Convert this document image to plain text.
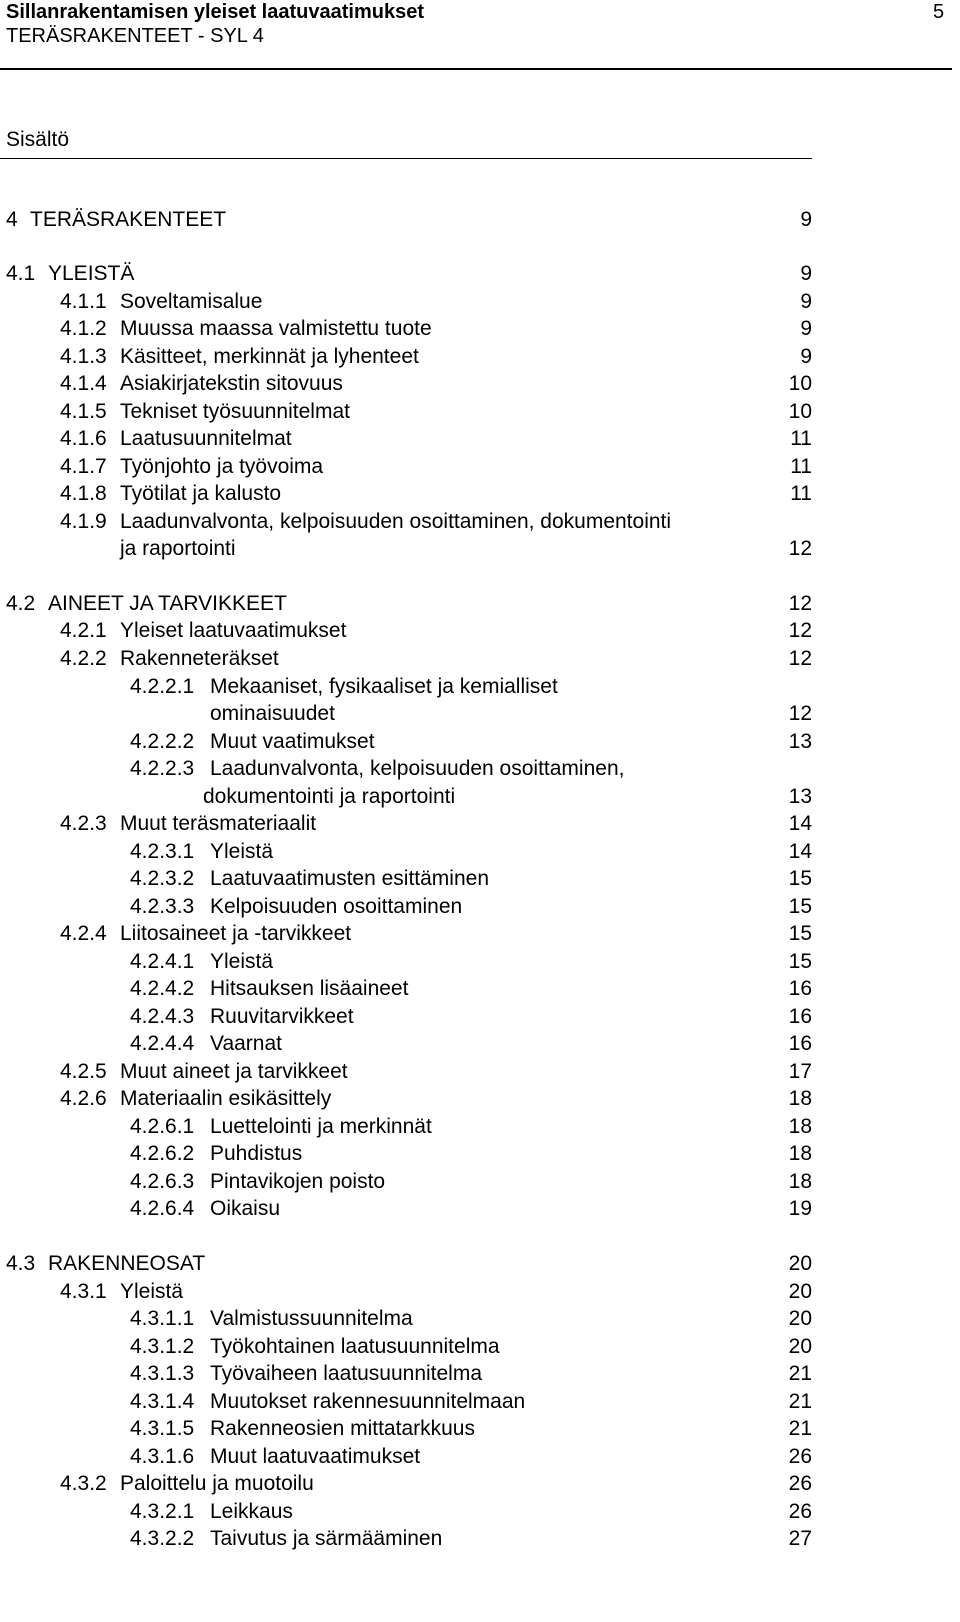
Sillanrakentamisen yleiset laatuvaatimukset
TERÄSRAKENTEET - SYL 4
5
Sisältö
4 TERÄSRAKENTEET	9
4.1 YLEISTÄ	9
4.1.1 Soveltamisalue	9
4.1.2 Muussa maassa valmistettu tuote	9
4.1.3 Käsitteet, merkinnät ja lyhenteet	9
4.1.4 Asiakirjatekstin sitovuus	10
4.1.5 Tekniset työsuunnitelmat	10
4.1.6 Laatusuunnitelmat	11
4.1.7 Työnjohto ja työvoima	11
4.1.8 Työtilat ja kalusto	11
4.1.9 Laadunvalvonta, kelpoisuuden osoittaminen, dokumentointi
ja raportointi	12
4.2 AINEET JA TARVIKKEET	12
4.2.1 Yleiset laatuvaatimukset	12
4.2.2 Rakenneteräkset	12
4.2.2.1 Mekaaniset, fysikaaliset ja kemialliset
ominaisuudet	12
4.2.2.2 Muut vaatimukset	13
4.2.2.3 Laadunvalvonta, kelpoisuuden osoittaminen,
dokumentointi ja raportointi	13
4.2.3 Muut teräsmateriaalit	14
4.2.3.1 Yleistä	14
4.2.3.2 Laatuvaatimusten esittäminen	15
4.2.3.3 Kelpoisuuden osoittaminen	15
4.2.4 Liitosaineet ja -tarvikkeet	15
4.2.4.1 Yleistä	15
4.2.4.2 Hitsauksen lisäaineet	16
4.2.4.3 Ruuvitarvikkeet	16
4.2.4.4 Vaarnat	16
4.2.5 Muut aineet ja tarvikkeet	17
4.2.6 Materiaalin esikäsittely	18
4.2.6.1 Luettelointi ja merkinnät	18
4.2.6.2 Puhdistus	18
4.2.6.3 Pintavikojen poisto	18
4.2.6.4 Oikaisu	19
4.3 RAKENNEOSAT	20
4.3.1 Yleistä	20
4.3.1.1 Valmistussuunnitelma	20
4.3.1.2 Työkohtainen laatusuunnitelma	20
4.3.1.3 Työvaiheen laatusuunnitelma	21
4.3.1.4 Muutokset rakennesuunnitelmaan	21
4.3.1.5 Rakenneosien mittatarkkuus	21
4.3.1.6 Muut laatuvaatimukset	26
4.3.2 Paloittelu ja muotoilu	26
4.3.2.1 Leikkaus	26
4.3.2.2 Taivutus ja särmääminen	27
